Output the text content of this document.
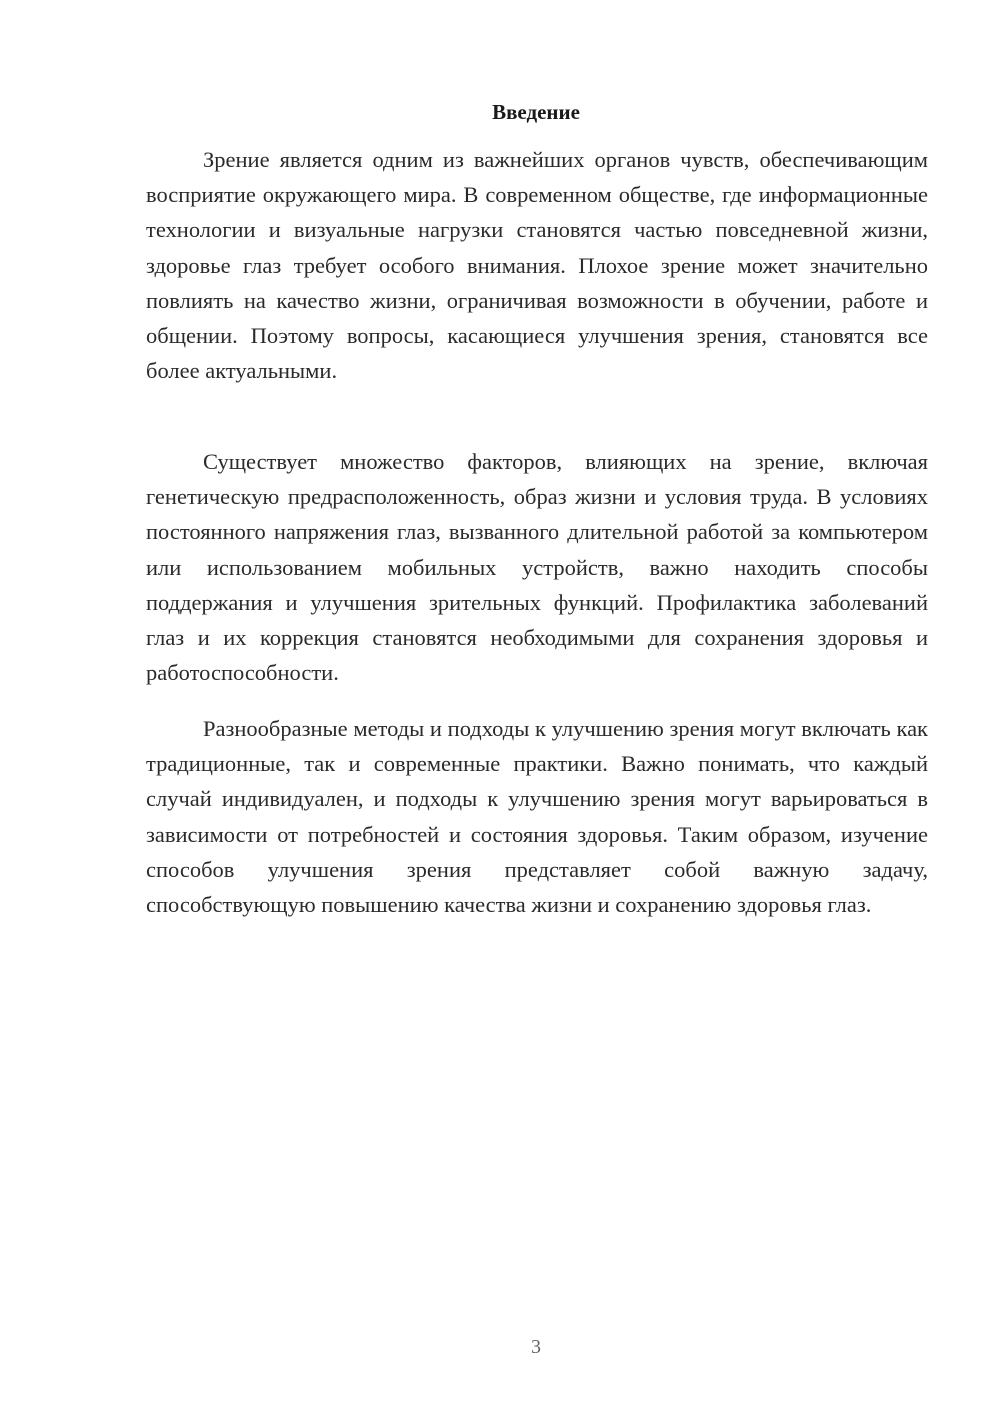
Введение

Зрение является одним из важнейших органов чувств, обеспечивающим восприятие окружающего мира. В современном обществе, где информационные технологии и визуальные нагрузки становятся частью повседневной жизни, здоровье глаз требует особого внимания. Плохое зрение может значительно повлиять на качество жизни, ограничивая возможности в обучении, работе и общении. Поэтому вопросы, касающиеся улучшения зрения, становятся все более актуальными.

Существует множество факторов, влияющих на зрение, включая генетическую предрасположенность, образ жизни и условия труда. В условиях постоянного напряжения глаз, вызванного длительной работой за компьютером или использованием мобильных устройств, важно находить способы поддержания и улучшения зрительных функций. Профилактика заболеваний глаз и их коррекция становятся необходимыми для сохранения здоровья и работоспособности.

Разнообразные методы и подходы к улучшению зрения могут включать как традиционные, так и современные практики. Важно понимать, что каждый случай индивидуален, и подходы к улучшению зрения могут варьироваться в зависимости от потребностей и состояния здоровья. Таким образом, изучение способов улучшения зрения представляет собой важную задачу, способствующую повышению качества жизни и сохранению здоровья глаз.

3
